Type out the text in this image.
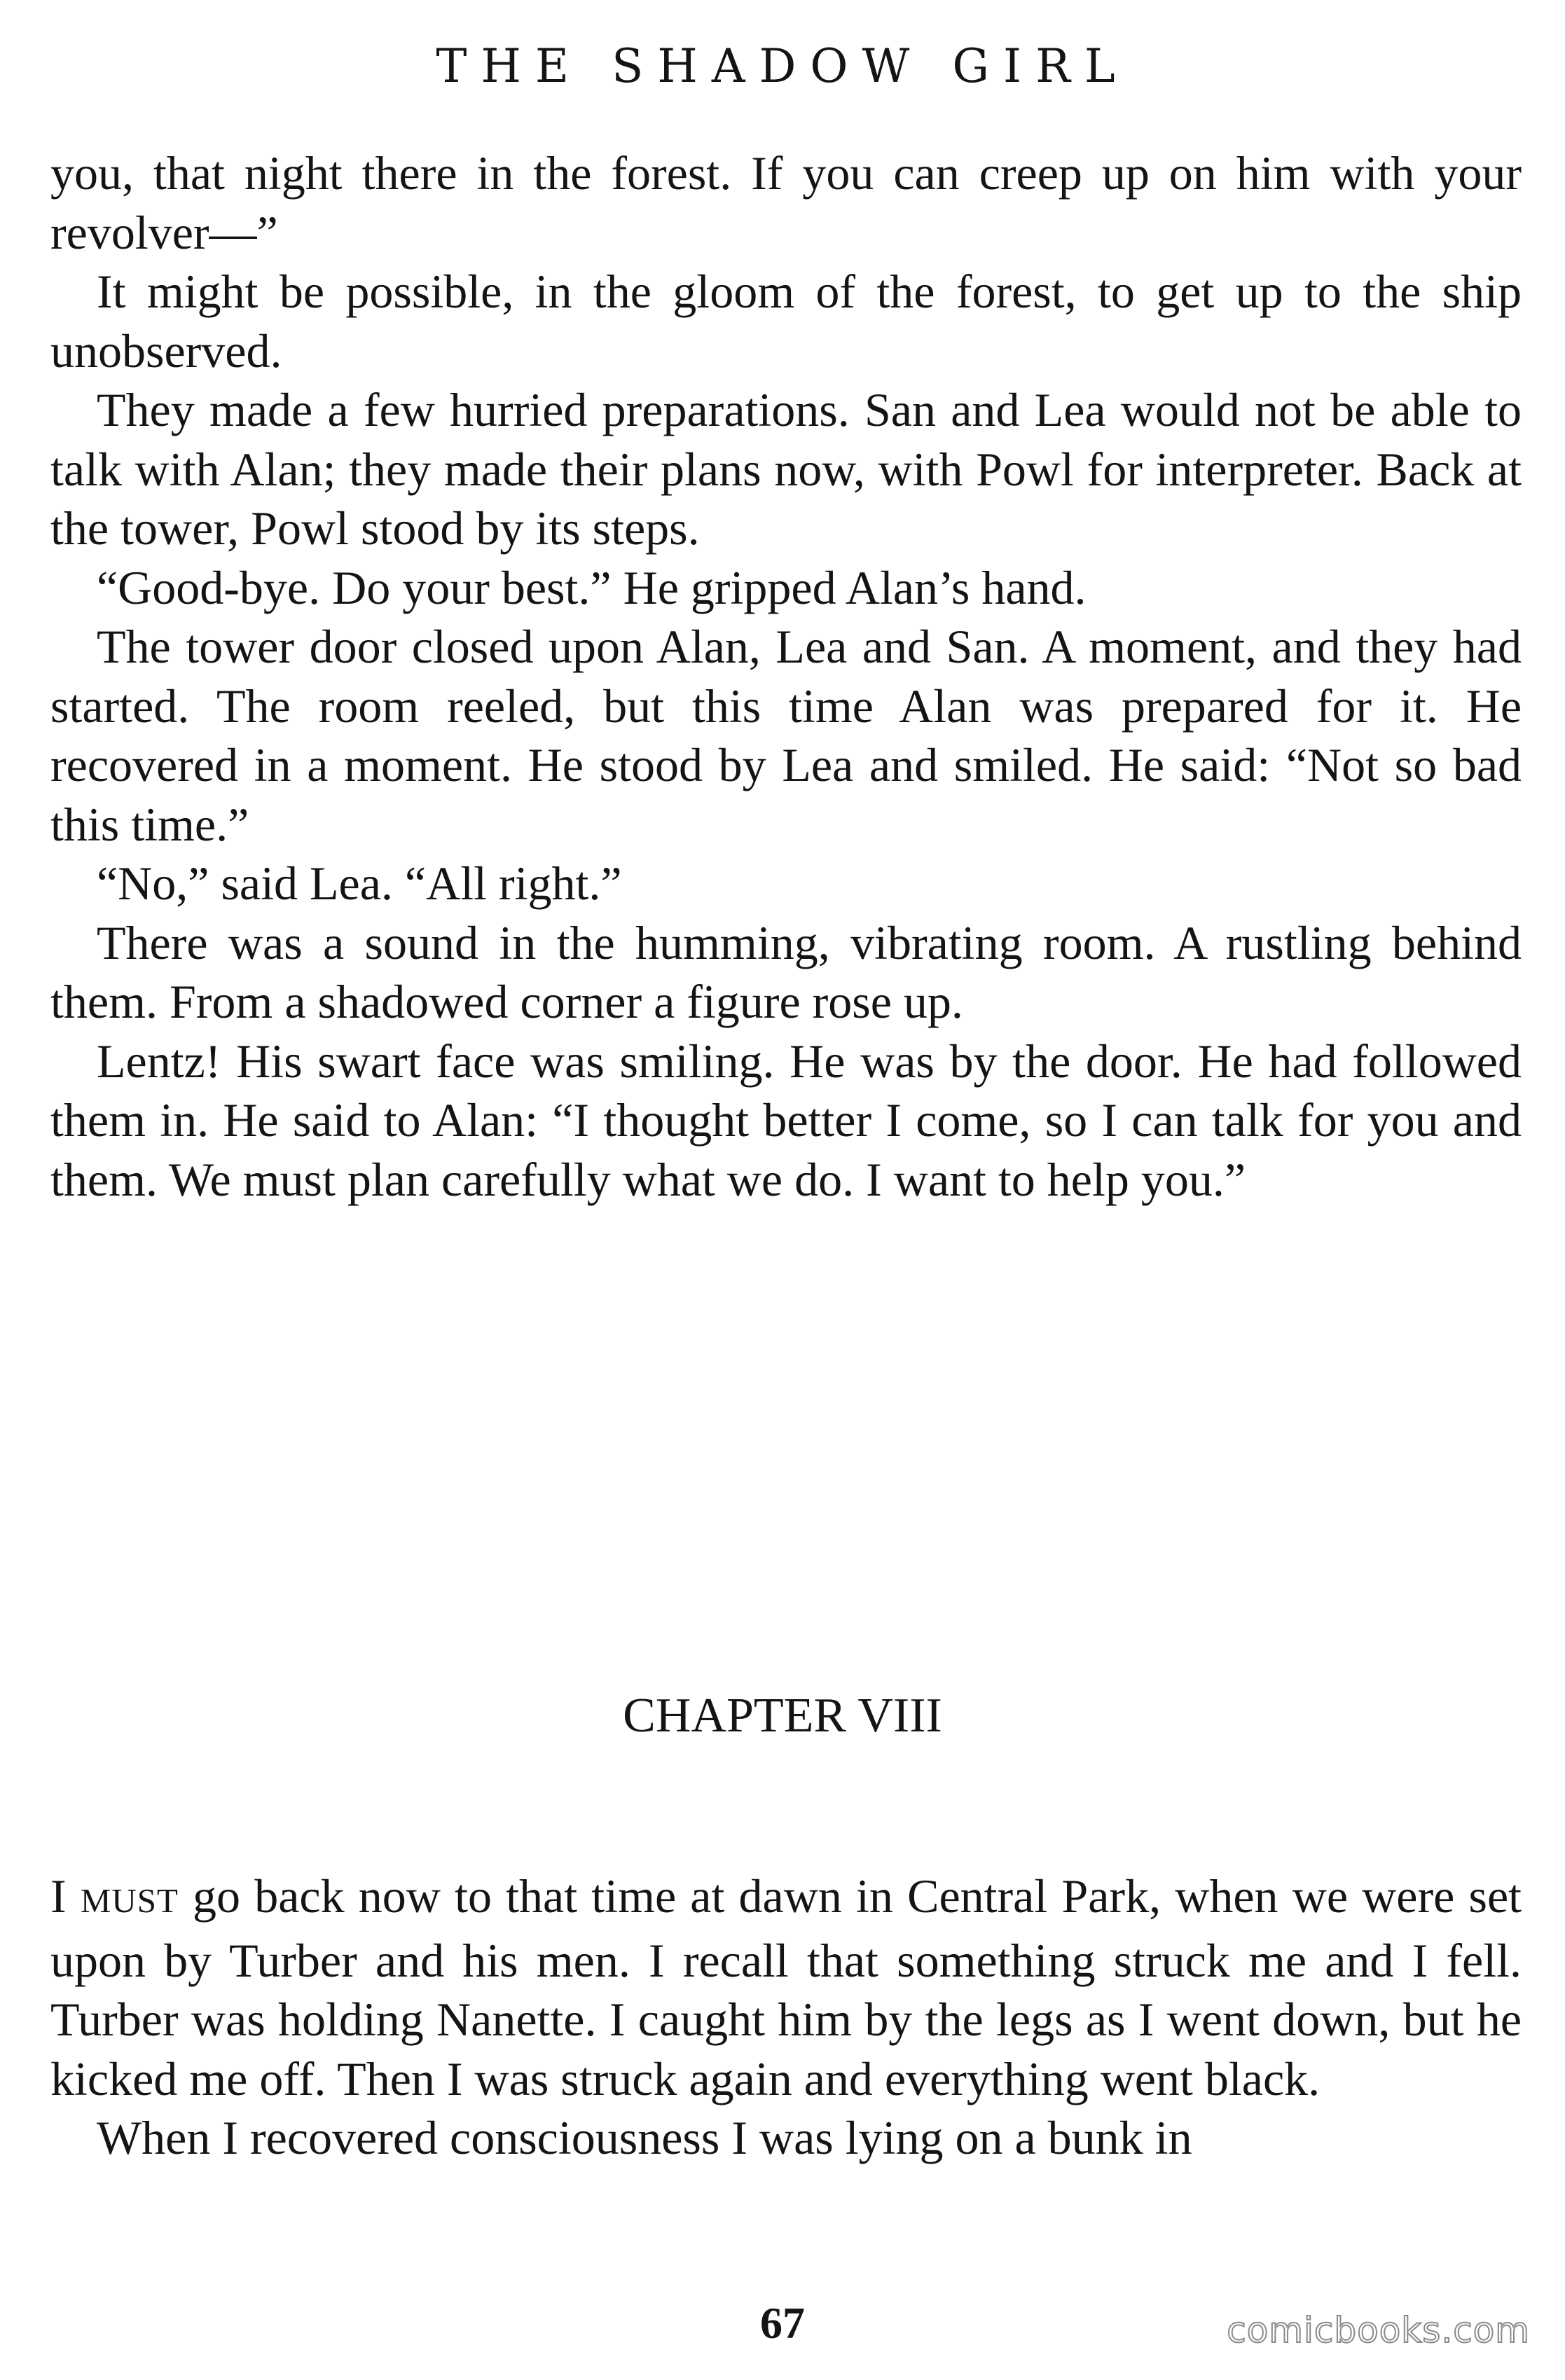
THE SHADOW GIRL

you, that night there in the forest. If you can creep up on him with your revolver—”

It might be possible, in the gloom of the forest, to get up to the ship unobserved.

They made a few hurried preparations. San and Lea would not be able to talk with Alan; they made their plans now, with Powl for interpreter. Back at the tower, Powl stood by its steps.

“Good-bye. Do your best.” He gripped Alan’s hand.

The tower door closed upon Alan, Lea and San. A moment, and they had started. The room reeled, but this time Alan was prepared for it. He recovered in a moment. He stood by Lea and smiled. He said: “Not so bad this time.”

“No,” said Lea. “All right.”

There was a sound in the humming, vibrating room. A rustling behind them. From a shadowed corner a figure rose up.

Lentz! His swart face was smiling. He was by the door. He had followed them in. He said to Alan: “I thought better I come, so I can talk for you and them. We must plan carefully what we do. I want to help you.”

CHAPTER VIII

I MUST go back now to that time at dawn in Central Park, when we were set upon by Turber and his men. I recall that something struck me and I fell. Turber was holding Nanette. I caught him by the legs as I went down, but he kicked me off. Then I was struck again and everything went black.

When I recovered consciousness I was lying on a bunk in

67	comicbooks.com
